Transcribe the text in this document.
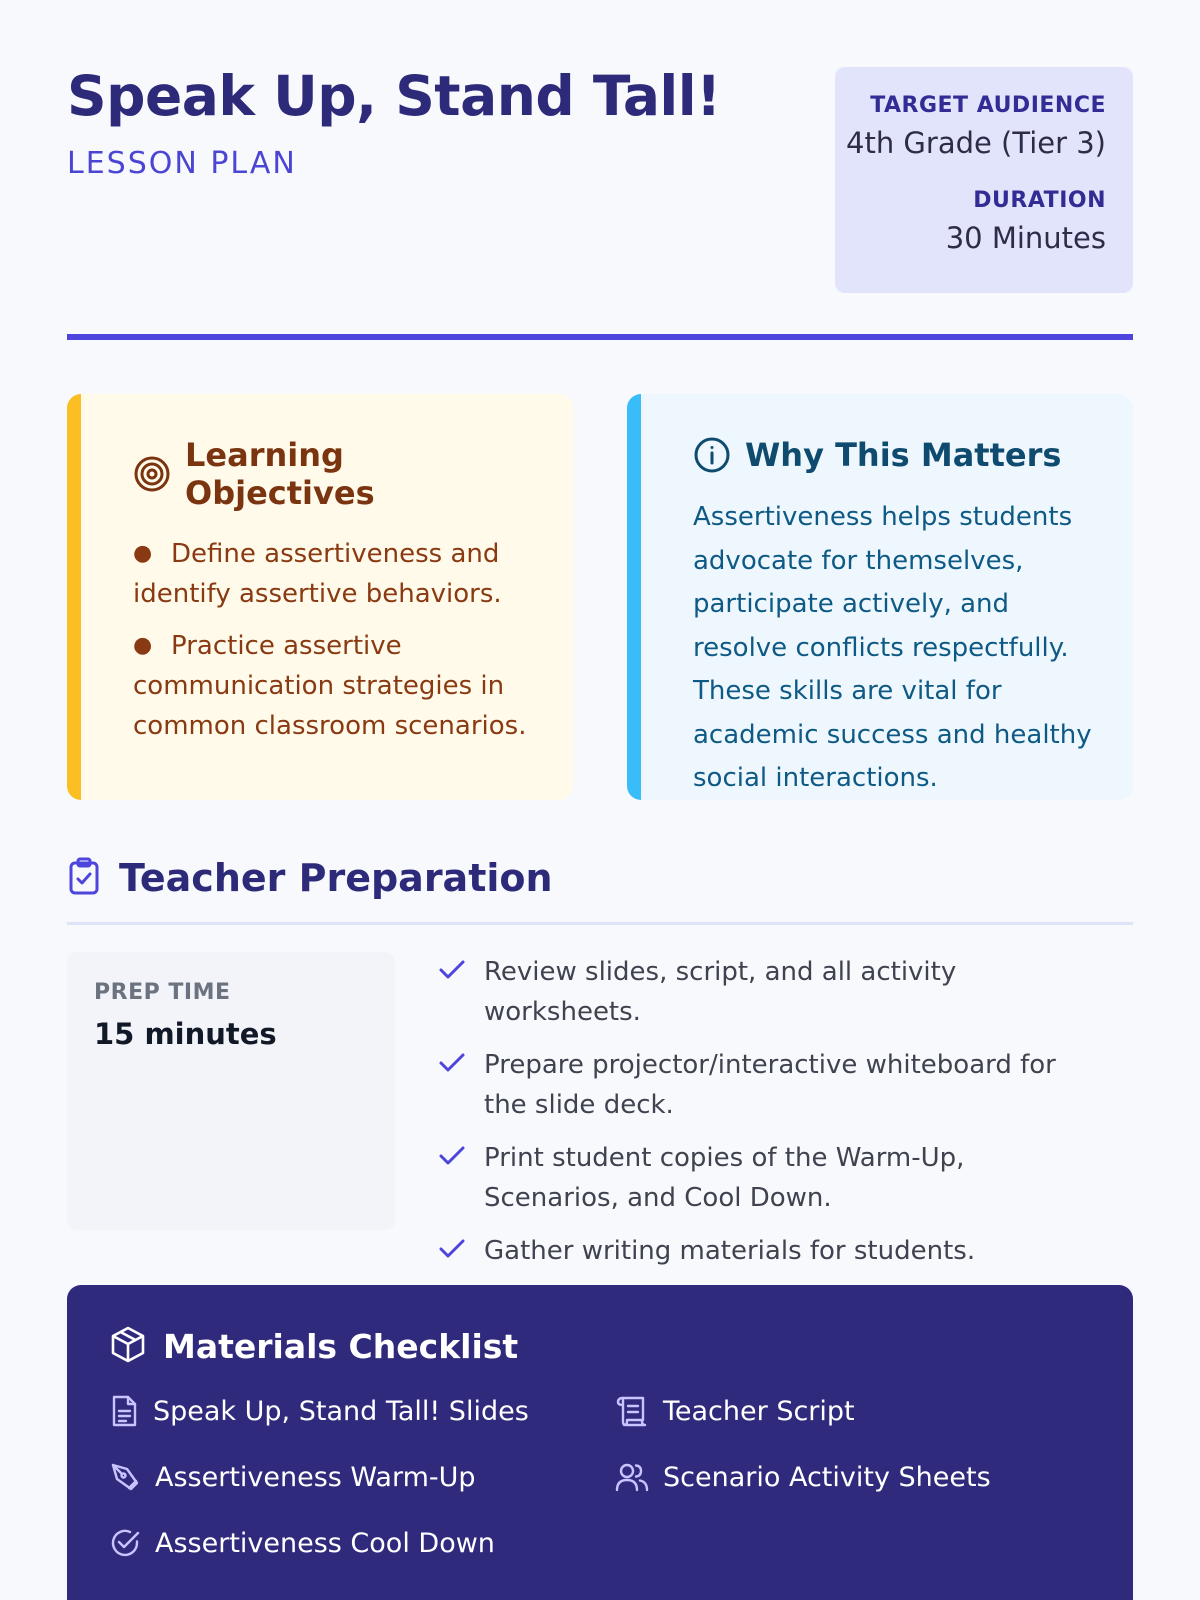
Speak Up, Stand Tall!
LESSON PLAN
TARGET AUDIENCE
4th Grade (Tier 3)
DURATION
30 Minutes
Learning Objectives
● Define assertiveness and identify assertive behaviors.
● Practice assertive communication strategies in common classroom scenarios.
Why This Matters

Assertiveness helps students advocate for themselves, participate actively, and resolve conflicts respectfully. These skills are vital for academic success and healthy social interactions.

Teacher Preparation
PREP TIME
15 minutes
Review slides, script, and all activity worksheets.
Prepare projector/interactive whiteboard for the slide deck.
Print student copies of the Warm-Up, Scenarios, and Cool Down.
Gather writing materials for students.
Materials Checklist
Speak Up, Stand Tall! Slides	Teacher Script
Assertiveness Warm-Up	Scenario Activity Sheets
Assertiveness Cool Down
